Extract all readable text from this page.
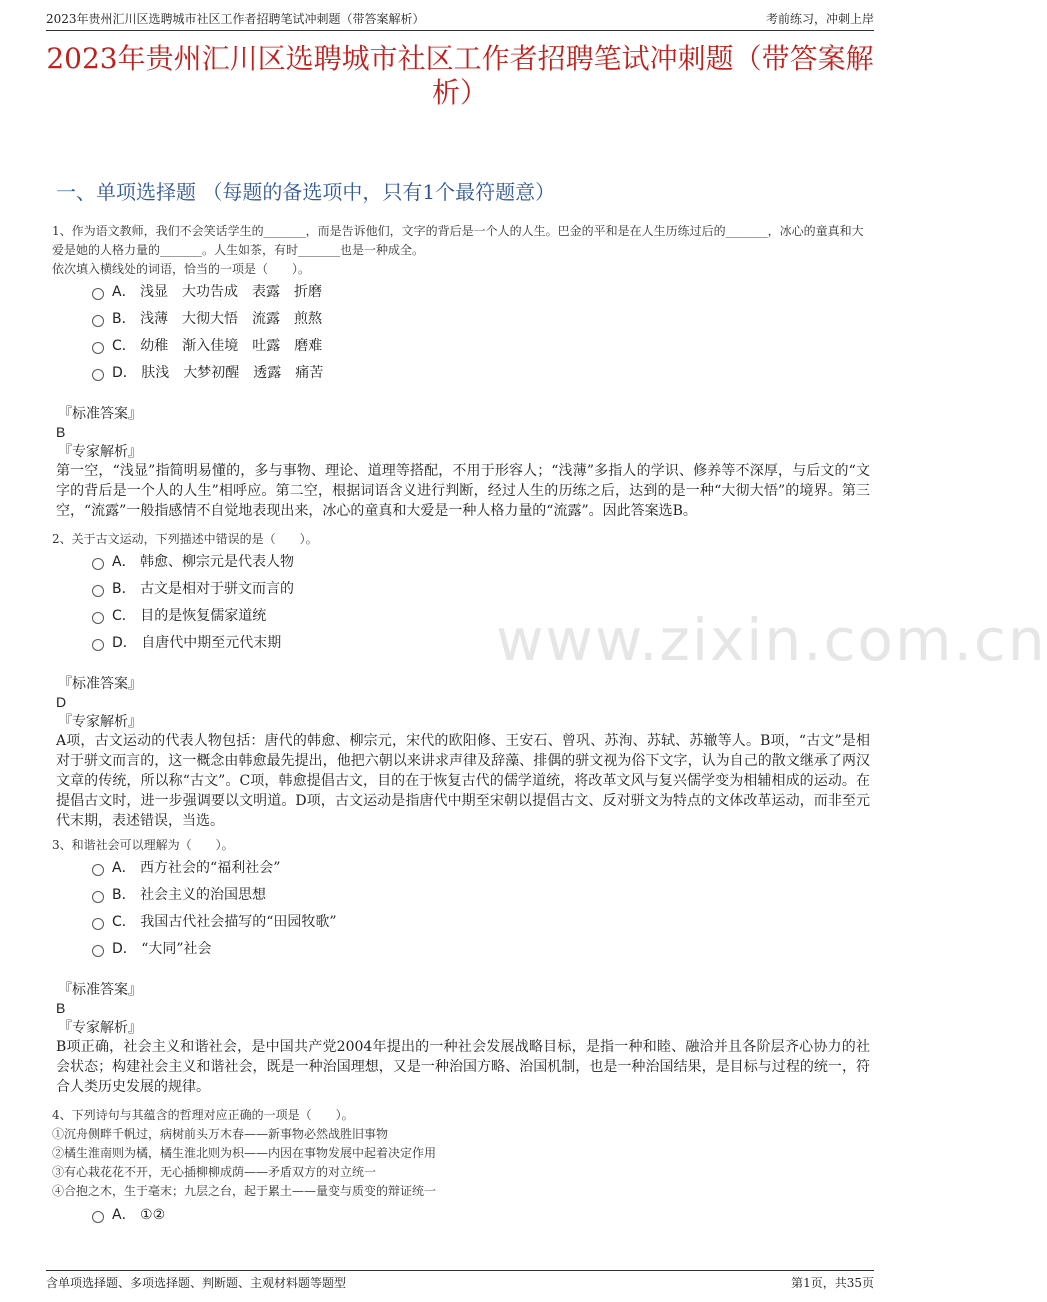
2023年贵州汇川区选聘城市社区工作者招聘笔试冲刺题（带答案解析）	考前练习，冲刺上岸
2023年贵州汇川区选聘城市社区工作者招聘笔试冲刺题（带答案解析）
一、单项选择题 （每题的备选项中，只有1个最符题意）
www.zixin.com.cn
1、作为语文教师，我们不会笑话学生的_______，而是告诉他们，文字的背后是一个人的人生。巴金的平和是在人生历练过后的_______，冰心的童真和大爱是她的人格力量的_______。人生如茶，有时_______也是一种成全。
依次填入横线处的词语，恰当的一项是（　　）。
A． 浅显　大功告成　表露　折磨
B． 浅薄　大彻大悟　流露　煎熬
C． 幼稚　渐入佳境　吐露　磨难
D． 肤浅　大梦初醒　透露　痛苦
『标准答案』
B
『专家解析』
第一空，“浅显”指简明易懂的，多与事物、理论、道理等搭配，不用于形容人；“浅薄”多指人的学识、修养等不深厚，与后文的“文字的背后是一个人的人生”相呼应。第二空，根据词语含义进行判断，经过人生的历练之后，达到的是一种“大彻大悟”的境界。第三空，“流露”一般指感情不自觉地表现出来，冰心的童真和大爱是一种人格力量的“流露”。因此答案选B。
2、关于古文运动，下列描述中错误的是（　　）。
A． 韩愈、柳宗元是代表人物
B． 古文是相对于骈文而言的
C． 目的是恢复儒家道统
D． 自唐代中期至元代末期
『标准答案』
D
『专家解析』
A项，古文运动的代表人物包括：唐代的韩愈、柳宗元，宋代的欧阳修、王安石、曾巩、苏洵、苏轼、苏辙等人。B项，“古文”是相对于骈文而言的，这一概念由韩愈最先提出，他把六朝以来讲求声律及辞藻、排偶的骈文视为俗下文字，认为自己的散文继承了两汉文章的传统，所以称“古文”。C项，韩愈提倡古文，目的在于恢复古代的儒学道统，将改革文风与复兴儒学变为相辅相成的运动。在提倡古文时，进一步强调要以文明道。D项，古文运动是指唐代中期至宋朝以提倡古文、反对骈文为特点的文体改革运动，而非至元代末期，表述错误，当选。
3、和谐社会可以理解为（　　）。
A． 西方社会的“福利社会”
B． 社会主义的治国思想
C． 我国古代社会描写的“田园牧歌”
D． “大同”社会
『标准答案』
B
『专家解析』
B项正确，社会主义和谐社会，是中国共产党2004年提出的一种社会发展战略目标，是指一种和睦、融洽并且各阶层齐心协力的社会状态；构建社会主义和谐社会，既是一种治国理想，又是一种治国方略、治国机制，也是一种治国结果，是目标与过程的统一，符合人类历史发展的规律。
4、下列诗句与其蕴含的哲理对应正确的一项是（　　）。
①沉舟侧畔千帆过，病树前头万木春——新事物必然战胜旧事物
②橘生淮南则为橘，橘生淮北则为枳——内因在事物发展中起着决定作用
③有心栽花花不开，无心插柳柳成荫——矛盾双方的对立统一
④合抱之木，生于毫末；九层之台，起于累土——量变与质变的辩证统一
A． ①②
含单项选择题、多项选择题、判断题、主观材料题等题型	第1页，共35页
